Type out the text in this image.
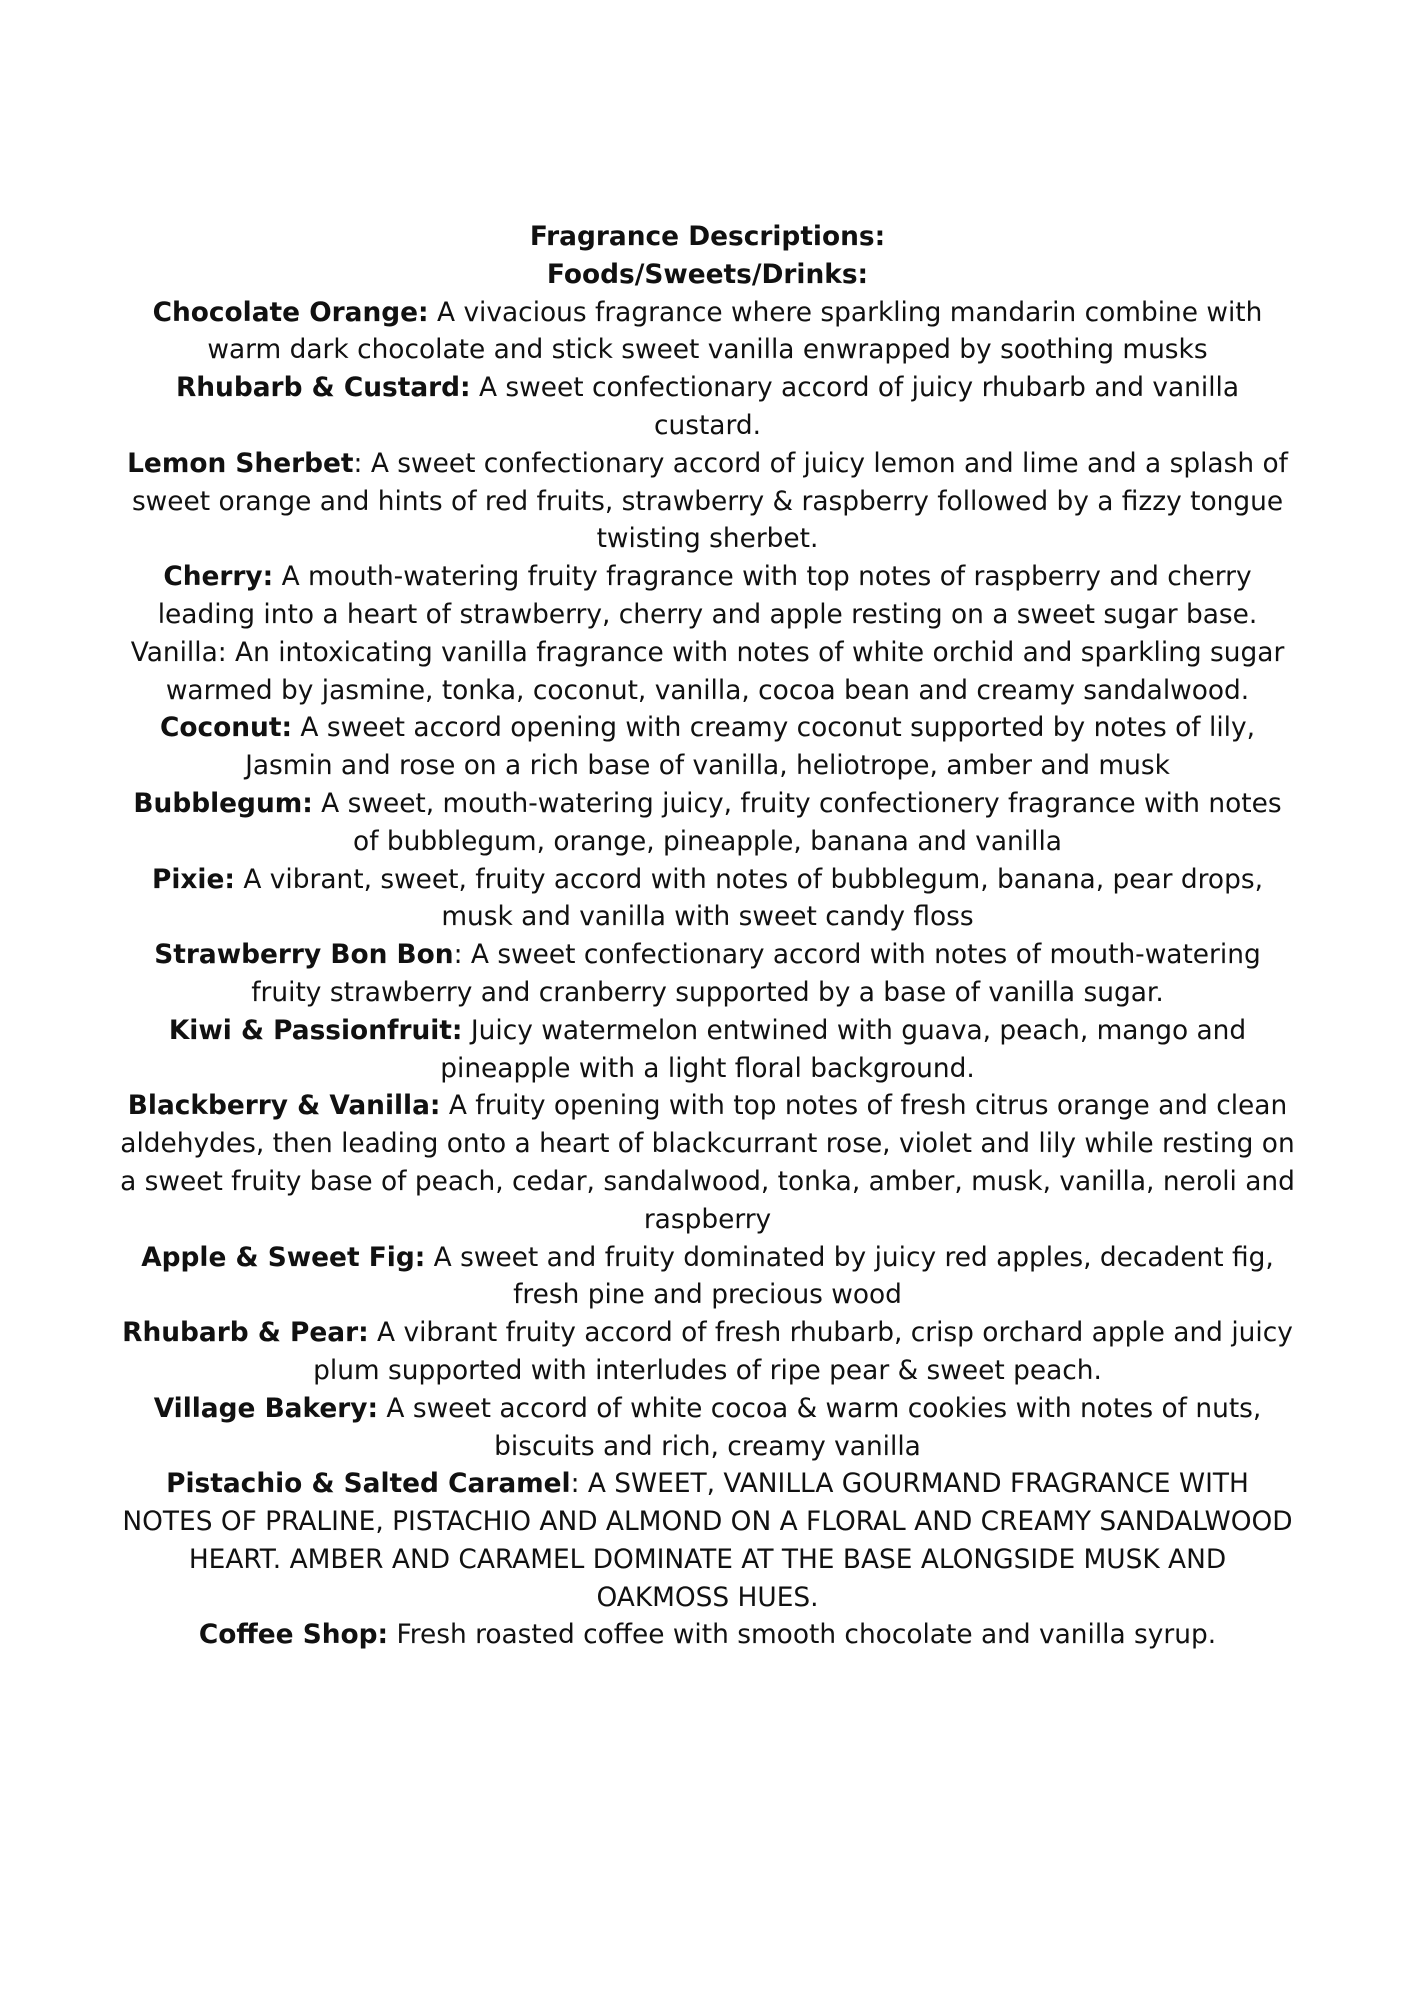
Fragrance Descriptions:

Foods/Sweets/Drinks:

Chocolate Orange: A vivacious fragrance where sparkling mandarin combine with warm dark chocolate and stick sweet vanilla enwrapped by soothing musks

Rhubarb & Custard: A sweet confectionary accord of juicy rhubarb and vanilla custard.

Lemon Sherbet: A sweet confectionary accord of juicy lemon and lime and a splash of sweet orange and hints of red fruits, strawberry & raspberry followed by a fizzy tongue twisting sherbet.

Cherry: A mouth-watering fruity fragrance with top notes of raspberry and cherry leading into a heart of strawberry, cherry and apple resting on a sweet sugar base.

Vanilla: An intoxicating vanilla fragrance with notes of white orchid and sparkling sugar warmed by jasmine, tonka, coconut, vanilla, cocoa bean and creamy sandalwood.

Coconut: A sweet accord opening with creamy coconut supported by notes of lily, Jasmin and rose on a rich base of vanilla, heliotrope, amber and musk

Bubblegum: A sweet, mouth-watering juicy, fruity confectionery fragrance with notes of bubblegum, orange, pineapple, banana and vanilla

Pixie: A vibrant, sweet, fruity accord with notes of bubblegum, banana, pear drops, musk and vanilla with sweet candy floss

Strawberry Bon Bon: A sweet confectionary accord with notes of mouth-watering fruity strawberry and cranberry supported by a base of vanilla sugar.

Kiwi & Passionfruit: Juicy watermelon entwined with guava, peach, mango and pineapple with a light floral background.

Blackberry & Vanilla: A fruity opening with top notes of fresh citrus orange and clean aldehydes, then leading onto a heart of blackcurrant rose, violet and lily while resting on a sweet fruity base of peach, cedar, sandalwood, tonka, amber, musk, vanilla, neroli and raspberry

Apple & Sweet Fig: A sweet and fruity dominated by juicy red apples, decadent fig, fresh pine and precious wood

Rhubarb & Pear: A vibrant fruity accord of fresh rhubarb, crisp orchard apple and juicy plum supported with interludes of ripe pear & sweet peach.

Village Bakery: A sweet accord of white cocoa & warm cookies with notes of nuts, biscuits and rich, creamy vanilla

Pistachio & Salted Caramel: A SWEET, VANILLA GOURMAND FRAGRANCE WITH NOTES OF PRALINE, PISTACHIO AND ALMOND ON A FLORAL AND CREAMY SANDALWOOD HEART. AMBER AND CARAMEL DOMINATE AT THE BASE ALONGSIDE MUSK AND OAKMOSS HUES.

Coffee Shop: Fresh roasted coffee with smooth chocolate and vanilla syrup.
